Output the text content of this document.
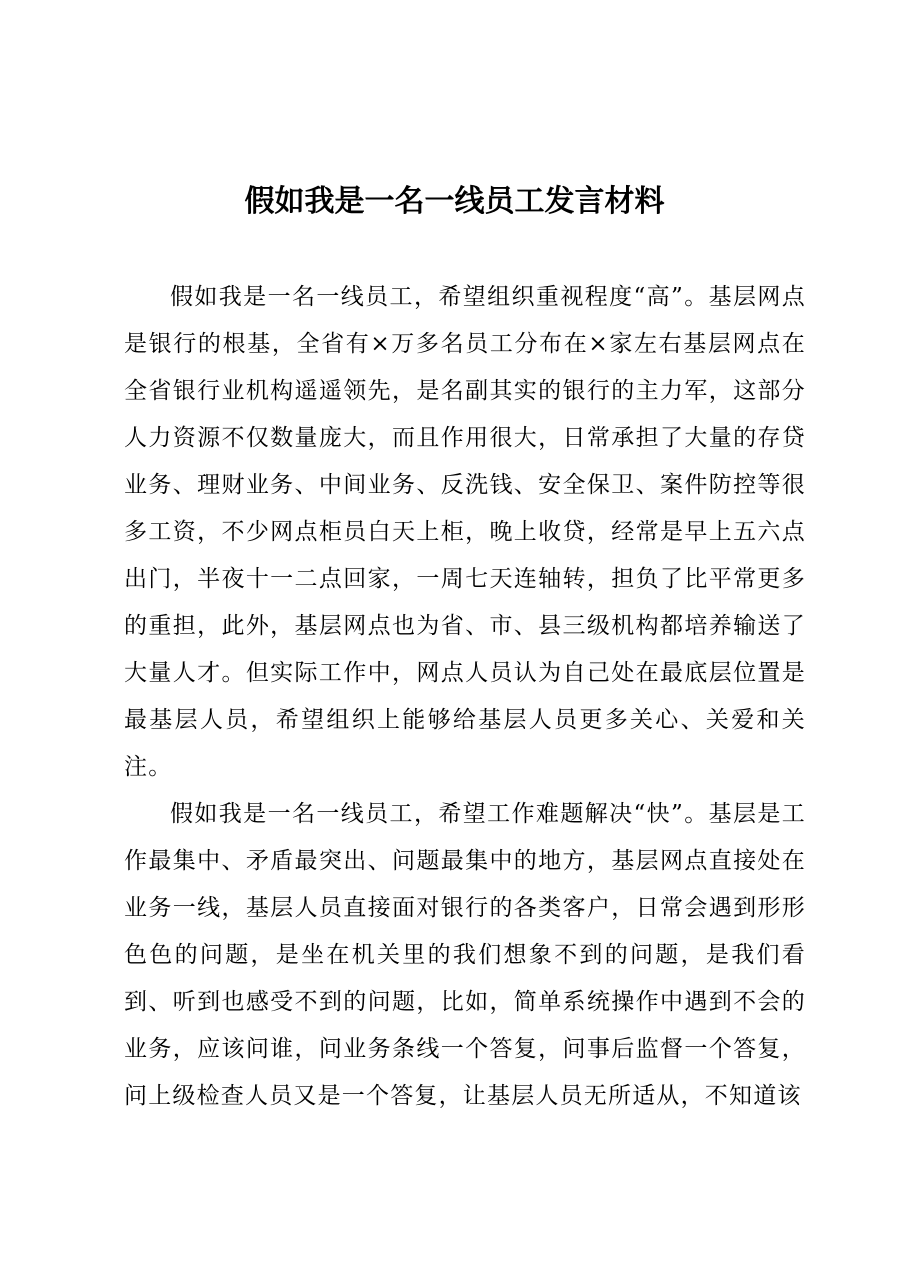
假如我是一名一线员工发言材料

假如我是一名一线员工，希望组织重视程度“高”。基层网点是银行的根基，全省有×万多名员工分布在×家左右基层网点在全省银行业机构遥遥领先，是名副其实的银行的主力军，这部分人力资源不仅数量庞大，而且作用很大，日常承担了大量的存贷业务、理财业务、中间业务、反洗钱、安全保卫、案件防控等很多工资，不少网点柜员白天上柜，晚上收贷，经常是早上五六点出门，半夜十一二点回家，一周七天连轴转，担负了比平常更多的重担，此外，基层网点也为省、市、县三级机构都培养输送了大量人才。但实际工作中，网点人员认为自己处在最底层位置是最基层人员，希望组织上能够给基层人员更多关心、关爱和关注。

假如我是一名一线员工，希望工作难题解决“快”。基层是工作最集中、矛盾最突出、问题最集中的地方，基层网点直接处在业务一线，基层人员直接面对银行的各类客户，日常会遇到形形色色的问题，是坐在机关里的我们想象不到的问题，是我们看到、听到也感受不到的问题，比如，简单系统操作中遇到不会的业务，应该问谁，问业务条线一个答复，问事后监督一个答复，问上级检查人员又是一个答复，让基层人员无所适从，不知道该
